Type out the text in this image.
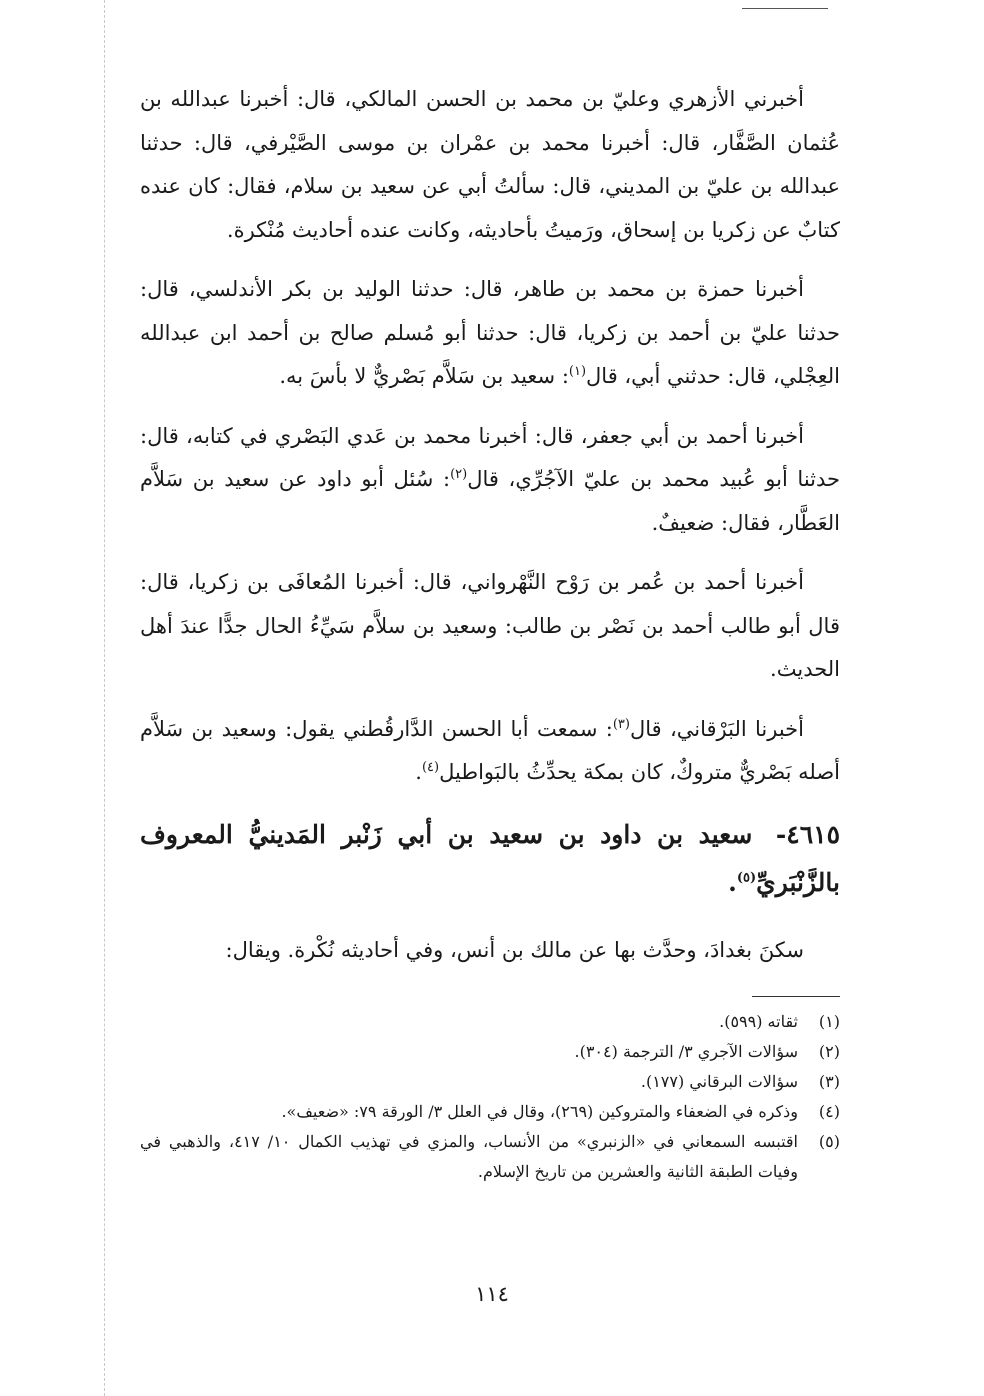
أخبرني الأزهري وعليّ بن محمد بن الحسن المالكي، قال: أخبرنا عبدالله بن عُثمان الصَّفَّار، قال: أخبرنا محمد بن عمْران بن موسى الصَّيْرفي، قال: حدثنا عبدالله بن عليّ بن المديني، قال: سألتُ أبي عن سعيد بن سلام، فقال: كان عنده كتابٌ عن زكريا بن إسحاق، ورَميتُ بأحاديثه، وكانت عنده أحاديث مُنْكرة.

أخبرنا حمزة بن محمد بن طاهر، قال: حدثنا الوليد بن بكر الأندلسي، قال: حدثنا عليّ بن أحمد بن زكريا، قال: حدثنا أبو مُسلم صالح بن أحمد ابن عبدالله العِجْلي، قال: حدثني أبي، قال$^{(١)}$: سعيد بن سَلاَّم بَصْريٌّ لا بأسَ به.

أخبرنا أحمد بن أبي جعفر، قال: أخبرنا محمد بن عَدي البَصْري في كتابه، قال: حدثنا أبو عُبيد محمد بن عليّ الآجُرِّي، قال$^{(٢)}$: سُئل أبو داود عن سعيد بن سَلاَّم العَطَّار، فقال: ضعيفٌ.

أخبرنا أحمد بن عُمر بن رَوْح النَّهْرواني، قال: أخبرنا المُعافَى بن زكريا، قال: قال أبو طالب أحمد بن نَصْر بن طالب: وسعيد بن سلاَّم سَيِّءُ الحال جدًّا عندَ أهل الحديث.

أخبرنا البَرْقاني، قال$^{(٣)}$: سمعت أبا الحسن الدَّارقُطني يقول: وسعيد بن سَلاَّم أصله بَصْريٌّ متروكٌ، كان بمكة يحدِّثُ بالبَواطيل$^{(٤)}$.

٤٦١٥- سعيد بن داود بن سعيد بن أبي زَنْبر المَدينيُّ المعروف بالزَّنْبَريِّ$^{(٥)}$.

سكنَ بغدادَ، وحدَّث بها عن مالك بن أنس، وفي أحاديثه نُكْرة. ويقال:

(١)
ثقاته (٥٩٩).
(٢)
سؤالات الآجري ٣/ الترجمة (٣٠٤).
(٣)
سؤالات البرقاني (١٧٧).
(٤)
وذكره في الضعفاء والمتروكين (٢٦٩)، وقال في العلل ٣/ الورقة ٧٩: «ضعيف».
(٥)
اقتبسه السمعاني في «الزنبري» من الأنساب، والمزي في تهذيب الكمال ١٠/ ٤١٧، والذهبي في وفيات الطبقة الثانية والعشرين من تاريخ الإسلام.
١١٤
